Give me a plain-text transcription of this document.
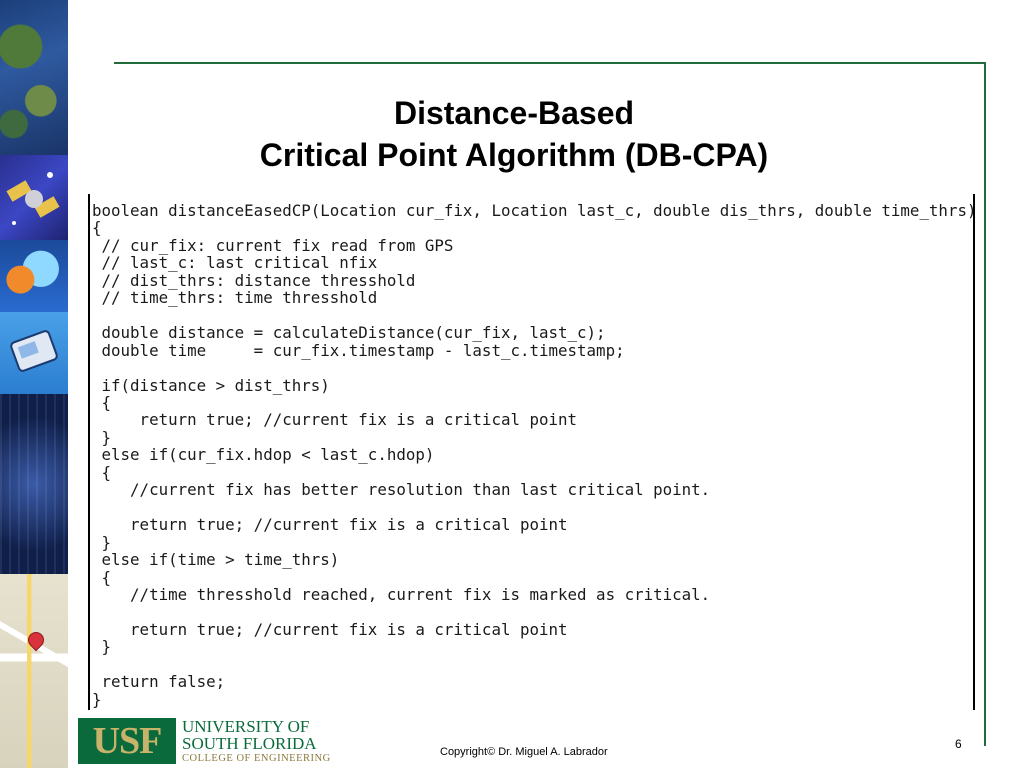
Distance-Based
Critical Point Algorithm (DB-CPA)
boolean distanceEasedCP(Location cur_fix, Location last_c, double dis_thrs, double time_thrs)
{
// cur_fix: current fix read from GPS
// last_c: last critical nfix
// dist_thrs: distance thresshold
// time_thrs: time thresshold

double distance = calculateDistance(cur_fix, last_c);
double time     = cur_fix.timestamp - last_c.timestamp;

if(distance > dist_thrs)
{
return true; //current fix is a critical point
}
else if(cur_fix.hdop < last_c.hdop)
{
//current fix has better resolution than last critical point.

return true; //current fix is a critical point
}
else if(time > time_thrs)
{
//time thresshold reached, current fix is marked as critical.

return true; //current fix is a critical point
}

return false;
}
USF	UNIVERSITY OF
SOUTH FLORIDA
COLLEGE OF ENGINEERING
Copyright© Dr. Miguel A. Labrador
6
